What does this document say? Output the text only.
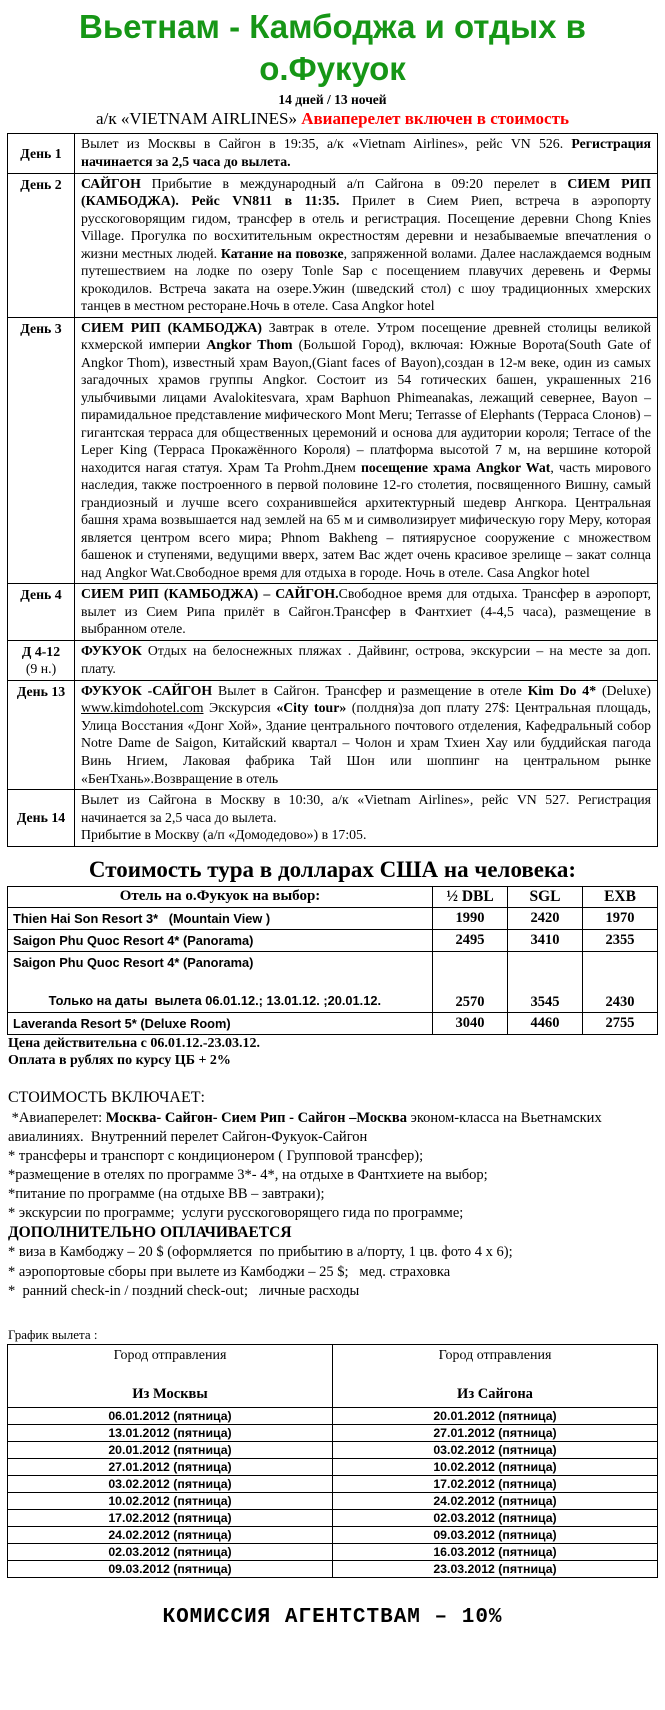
Вьетнам - Камбоджа и отдых в о.Фукуок
14 дней / 13 ночей
а/к «VIETNAM AIRLINES» Авиаперелет включен в стоимость
День 1	Вылет из Москвы в Сайгон в 19:35, а/к «Vietnam Airlines», рейс VN 526. Регистрация начинается за 2,5 часа до вылета.
День 2	САЙГОН Прибытие в международный а/п Сайгона в 09:20 перелет в СИЕМ РИП (КАМБОДЖА). Рейс VN811 в 11:35. Прилет в Сием Риеп, встреча в аэропорту русскоговорящим гидом, трансфер в отель и регистрация. Посещение деревни Chong Knies Village. Прогулка по восхитительным окрестностям деревни и незабываемые впечатления о жизни местных людей. Катание на повозке, запряженной волами. Далее наслаждаемся водным путешествием на лодке по озеру Tonle Sap с посещением плавучих деревень и Фермы крокодилов. Встреча заката на озере.Ужин (шведский стол) с шоу традиционных хмерских танцев в местном ресторане.Ночь в отеле. Casa Angkor hotel
День 3	СИЕМ РИП (КАМБОДЖА) Завтрак в отеле. Утром посещение древней столицы великой кхмерской империи Angkor Thom (Большой Город), включая: Южные Ворота(South Gate of Angkor Thom), известный храм Bayon,(Giant faces of Bayon),создан в 12-м веке, один из самых загадочных храмов группы Angkor. Состоит из 54 готических башен, украшенных 216 улыбчивыми лицами Avalokitesvara, храм Baphuon Phimeanakas, лежащий севернее, Bayon – пирамидальное представление мифического Mont Meru; Terrasse of Elephants (Терраса Слонов) – гигантская терраса для общественных церемоний и основа для аудитории короля; Terrace of the Leper King (Терраса Прокажённого Короля) – платформа высотой 7 м, на вершине которой находится нагая статуя. Храм Та Prohm.Днем посещение храма Angkor Wat, часть мирового наследия, также построенного в первой половине 12-го столетия, посвященного Вишну, самый грандиозный и лучше всего сохранившейся архитектурный шедевр Ангкора. Центральная башня храма возвышается над землей на 65 м и символизирует мифическую гору Меру, которая является центром всего мира; Phnom Bakheng – пятиярусное сооружение с множеством башенок и ступенями, ведущими вверх, затем Вас ждет очень красивое зрелище – закат солнца над Angkor Wat.Свободное время для отдыха в городе. Ночь в отеле. Casa Angkor hotel
День 4	СИЕМ РИП (КАМБОДЖА) – САЙГОН.Свободное время для отдыха. Трансфер в аэропорт, вылет из Сием Рипа прилёт в Сайгон.Трансфер в Фантхиет (4-4,5 часа), размещение в выбранном отеле.
Д 4-12
(9 н.)	ФУКУОК Отдых на белоснежных пляжах . Дайвинг, острова, экскурсии – на месте за доп. плату.
День 13	ФУКУОК -САЙГОН Вылет в Сайгон. Трансфер и размещение в отеле Kim Do 4* (Deluxe) www.kimdohotel.com Экскурсия «City tour» (полдня)за доп плату 27$: Центральная площадь, Улица Восстания «Донг Хой», Здание центрального почтового отделения, Кафедральный собор Notre Dame de Saigon, Китайский квартал – Чолон и храм Тхиен Хау или буддийская пагода Винь Нгием, Лаковая фабрика Тай Шон или шоппинг на центральном рынке «БенТхань».Возвращение в отель
День 14	Вылет из Сайгона в Москву в 10:30, а/к «Vietnam Airlines», рейс VN 527. Регистрация начинается за 2,5 часа до вылета.
Прибытие в Москву (а/п «Домодедово») в 17:05.
Стоимость тура в долларах США на человека:
Отель на о.Фукуок на выбор:	½ DBL	SGL	EXB
Thien Hai Son Resort 3*   (Mountain View )	1990	2420	1970
Saigon Phu Quoc Resort 4* (Panorama)	2495	3410	2355
Saigon Phu Quoc Resort 4* (Panorama)

Только на даты  вылета 06.01.12.; 13.01.12. ;20.01.12.	2570	3545	2430
Laveranda Resort 5* (Deluxe Room)	3040	4460	2755
Цена действительна с 06.01.12.-23.03.12.
Оплата в рублях по курсу ЦБ + 2%
СТОИМОСТЬ ВКЛЮЧАЕТ:
*Авиаперелет: Москва- Сайгон- Сием Рип - Сайгон –Москва эконом-класса на Вьетнамских авиалиниях.  Внутренний перелет Сайгон-Фукуок-Сайгон
* трансферы и транспорт с кондиционером ( Групповой трансфер);
*размещение в отелях по программе 3*- 4*, на отдыхе в Фантхиете на выбор;
*питание по программе (на отдыхе ВВ – завтраки);
* экскурсии по программе;  услуги русскоговорящего гида по программе;
ДОПОЛНИТЕЛЬНО ОПЛАЧИВАЕТСЯ
* виза в Камбоджу – 20 $ (оформляется  по прибытию в а/порту, 1 цв. фото 4 х 6);
* аэропортовые сборы при вылете из Камбоджи – 25 $;   мед. страховка
*  ранний check-in / поздний check-out;   личные расходы
График вылета :
Город отправления
Из Москвы

Город отправления
Из Сайгона

06.01.2012 (пятница)	20.01.2012 (пятница)
13.01.2012 (пятница)	27.01.2012 (пятница)
20.01.2012 (пятница)	03.02.2012 (пятница)
27.01.2012 (пятница)	10.02.2012 (пятница)
03.02.2012 (пятница)	17.02.2012 (пятница)
10.02.2012 (пятница)	24.02.2012 (пятница)
17.02.2012 (пятница)	02.03.2012 (пятница)
24.02.2012 (пятница)	09.03.2012 (пятница)
02.03.2012 (пятница)	16.03.2012 (пятница)
09.03.2012 (пятница)	23.03.2012 (пятница)
КОМИССИЯ АГЕНТСТВАМ – 10%
